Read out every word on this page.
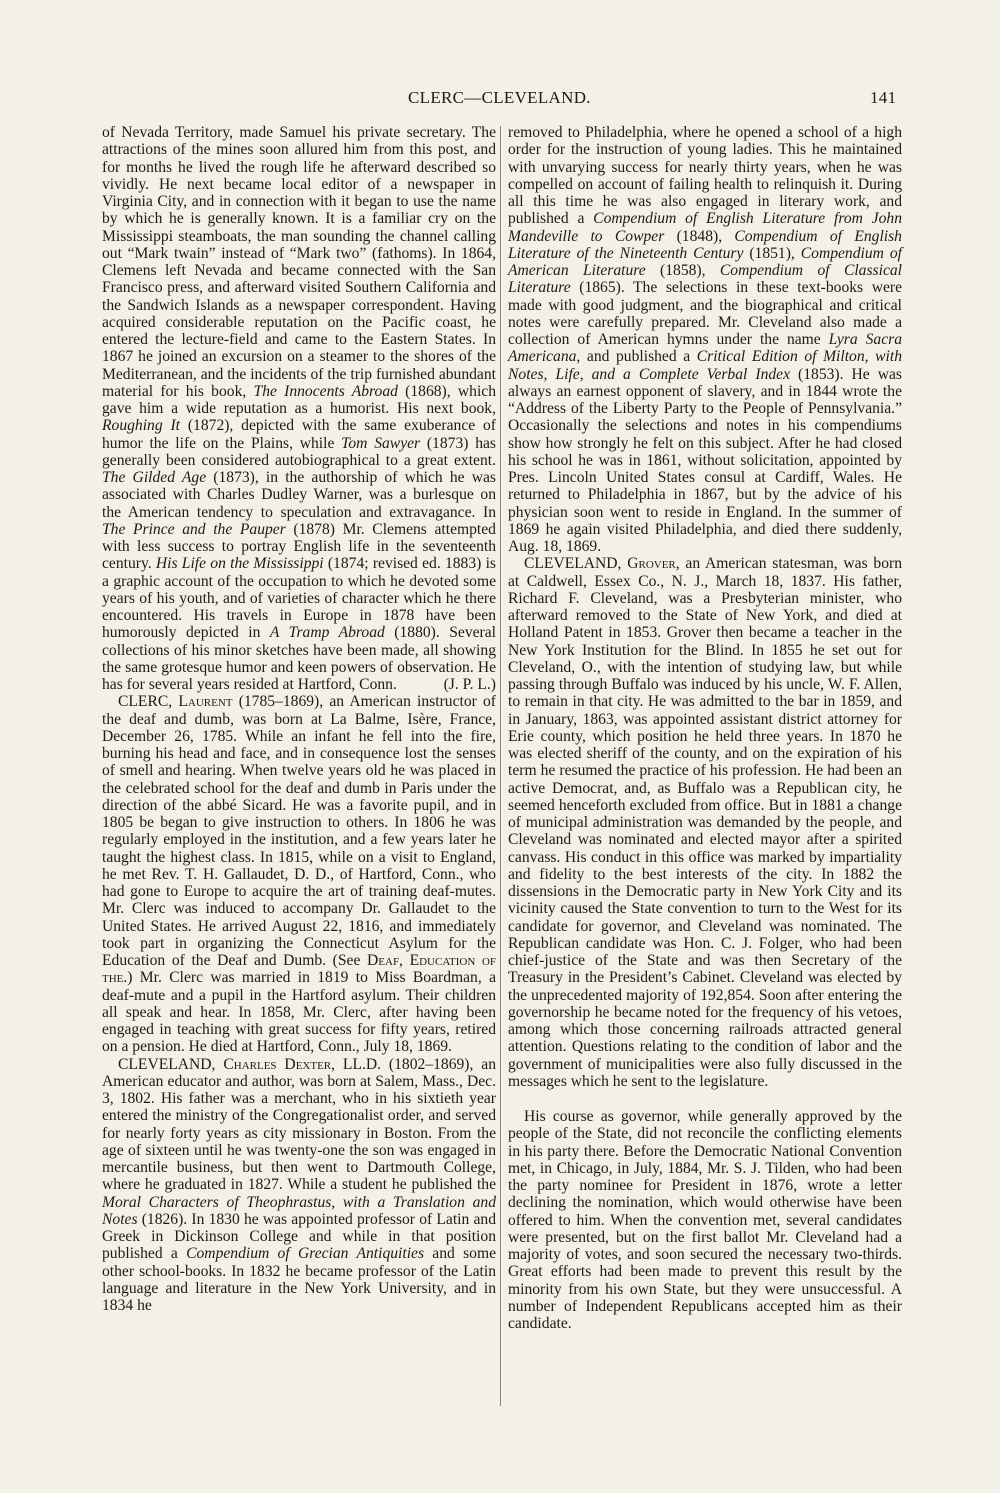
CLERC—CLEVELAND.	141

of Nevada Territory, made Samuel his private secretary. The attractions of the mines soon allured him from this post, and for months he lived the rough life he afterward described so vividly. He next became local editor of a newspaper in Virginia City, and in connection with it began to use the name by which he is generally known. It is a familiar cry on the Mississippi steamboats, the man sounding the channel calling out “Mark twain” instead of “Mark two” (fathoms). In 1864, Clemens left Nevada and became connected with the San Francisco press, and afterward visited Southern California and the Sandwich Islands as a newspaper correspondent. Having acquired considerable reputation on the Pacific coast, he entered the lecture-field and came to the Eastern States. In 1867 he joined an excursion on a steamer to the shores of the Mediterranean, and the incidents of the trip furnished abundant material for his book, The Innocents Abroad (1868), which gave him a wide reputation as a humorist. His next book, Roughing It (1872), depicted with the same exuberance of humor the life on the Plains, while Tom Sawyer (1873) has generally been considered autobiographical to a great extent. The Gilded Age (1873), in the authorship of which he was associated with Charles Dudley Warner, was a burlesque on the American tendency to speculation and extravagance. In The Prince and the Pauper (1878) Mr. Clemens attempted with less success to portray English life in the seventeenth century. His Life on the Mississippi (1874; revised ed. 1883) is a graphic account of the occupation to which he devoted some years of his youth, and of varieties of character which he there encountered. His travels in Europe in 1878 have been humorously depicted in A Tramp Abroad (1880). Several collections of his minor sketches have been made, all showing the same grotesque humor and keen powers of observation. He has for several years resided at Hartford, Conn.	(J. P. L.)

CLERC, Laurent (1785–1869), an American instructor of the deaf and dumb, was born at La Balme, Isère, France, December 26, 1785. While an infant he fell into the fire, burning his head and face, and in consequence lost the senses of smell and hearing. When twelve years old he was placed in the celebrated school for the deaf and dumb in Paris under the direction of the abbé Sicard. He was a favorite pupil, and in 1805 be began to give instruction to others. In 1806 he was regularly employed in the institution, and a few years later he taught the highest class. In 1815, while on a visit to England, he met Rev. T. H. Gallaudet, D. D., of Hartford, Conn., who had gone to Europe to acquire the art of training deaf-mutes. Mr. Clerc was induced to accompany Dr. Gallaudet to the United States. He arrived August 22, 1816, and immediately took part in organizing the Connecticut Asylum for the Education of the Deaf and Dumb. (See Deaf, Education of the.) Mr. Clerc was married in 1819 to Miss Boardman, a deaf-mute and a pupil in the Hartford asylum. Their children all speak and hear. In 1858, Mr. Clerc, after having been engaged in teaching with great success for fifty years, retired on a pension. He died at Hartford, Conn., July 18, 1869.

CLEVELAND, Charles Dexter, LL.D. (1802–1869), an American educator and author, was born at Salem, Mass., Dec. 3, 1802. His father was a merchant, who in his sixtieth year entered the ministry of the Congregationalist order, and served for nearly forty years as city missionary in Boston. From the age of sixteen until he was twenty-one the son was engaged in mercantile business, but then went to Dartmouth College, where he graduated in 1827. While a student he published the Moral Characters of Theophrastus, with a Translation and Notes (1826). In 1830 he was appointed professor of Latin and Greek in Dickinson College and while in that position published a Compendium of Grecian Antiquities and some other school-books. In 1832 he became professor of the Latin language and literature in the New York University, and in 1834 he

removed to Philadelphia, where he opened a school of a high order for the instruction of young ladies. This he maintained with unvarying success for nearly thirty years, when he was compelled on account of failing health to relinquish it. During all this time he was also engaged in literary work, and published a Compendium of English Literature from John Mandeville to Cowper (1848), Compendium of English Literature of the Nineteenth Century (1851), Compendium of American Literature (1858), Compendium of Classical Literature (1865). The selections in these text-books were made with good judgment, and the biographical and critical notes were carefully prepared. Mr. Cleveland also made a collection of American hymns under the name Lyra Sacra Americana, and published a Critical Edition of Milton, with Notes, Life, and a Complete Verbal Index (1853). He was always an earnest opponent of slavery, and in 1844 wrote the “Address of the Liberty Party to the People of Pennsylvania.” Occasionally the selections and notes in his compendiums show how strongly he felt on this subject. After he had closed his school he was in 1861, without solicitation, appointed by Pres. Lincoln United States consul at Cardiff, Wales. He returned to Philadelphia in 1867, but by the advice of his physician soon went to reside in England. In the summer of 1869 he again visited Philadelphia, and died there suddenly, Aug. 18, 1869.

CLEVELAND, Grover, an American statesman, was born at Caldwell, Essex Co., N. J., March 18, 1837. His father, Richard F. Cleveland, was a Presbyterian minister, who afterward removed to the State of New York, and died at Holland Patent in 1853. Grover then became a teacher in the New York Institution for the Blind. In 1855 he set out for Cleveland, O., with the intention of studying law, but while passing through Buffalo was induced by his uncle, W. F. Allen, to remain in that city. He was admitted to the bar in 1859, and in January, 1863, was appointed assistant district attorney for Erie county, which position he held three years. In 1870 he was elected sheriff of the county, and on the expiration of his term he resumed the practice of his profession. He had been an active Democrat, and, as Buffalo was a Republican city, he seemed henceforth excluded from office. But in 1881 a change of municipal administration was demanded by the people, and Cleveland was nominated and elected mayor after a spirited canvass. His conduct in this office was marked by impartiality and fidelity to the best interests of the city. In 1882 the dissensions in the Democratic party in New York City and its vicinity caused the State convention to turn to the West for its candidate for governor, and Cleveland was nominated. The Republican candidate was Hon. C. J. Folger, who had been chief-justice of the State and was then Secretary of the Treasury in the President’s Cabinet. Cleveland was elected by the unprecedented majority of 192,854. Soon after entering the governorship he became noted for the frequency of his vetoes, among which those concerning railroads attracted general attention. Questions relating to the condition of labor and the government of municipalities were also fully discussed in the messages which he sent to the legislature.

His course as governor, while generally approved by the people of the State, did not reconcile the conflicting elements in his party there. Before the Democratic National Convention met, in Chicago, in July, 1884, Mr. S. J. Tilden, who had been the party nominee for President in 1876, wrote a letter declining the nomination, which would otherwise have been offered to him. When the convention met, several candidates were presented, but on the first ballot Mr. Cleveland had a majority of votes, and soon secured the necessary two-thirds. Great efforts had been made to prevent this result by the minority from his own State, but they were unsuccessful. A number of Independent Republicans accepted him as their candidate.
